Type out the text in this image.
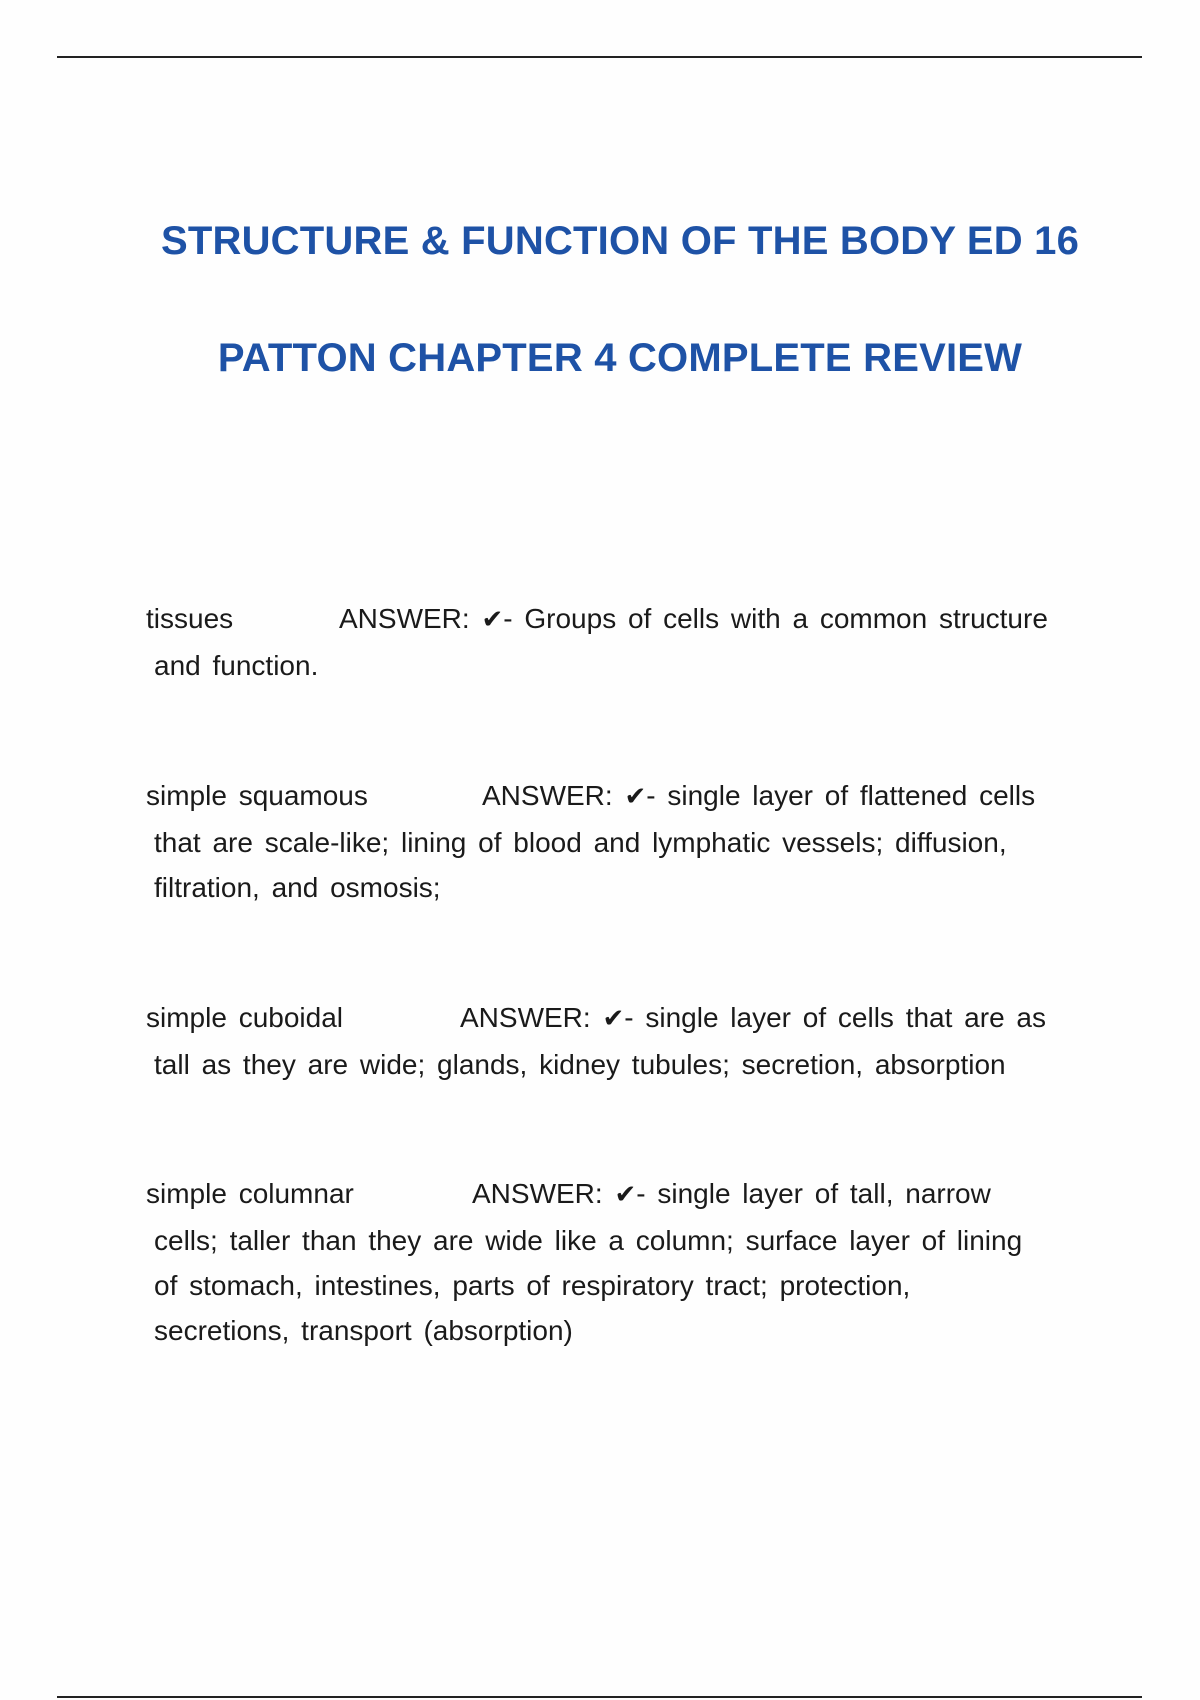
STRUCTURE & FUNCTION OF THE BODY ED 16
PATTON CHAPTER 4 COMPLETE REVIEW
tissues	ANSWER: ✔- Groups of cells with a common structure
and function.
simple squamous	ANSWER: ✔- single layer of flattened cells
that are scale-like; lining of blood and lymphatic vessels; diffusion,
filtration, and osmosis;
simple cuboidal	ANSWER: ✔- single layer of cells that are as
tall as they are wide; glands, kidney tubules; secretion, absorption
simple columnar	ANSWER: ✔- single layer of tall, narrow
cells; taller than they are wide like a column; surface layer of lining
of stomach, intestines, parts of respiratory tract; protection,
secretions, transport (absorption)
